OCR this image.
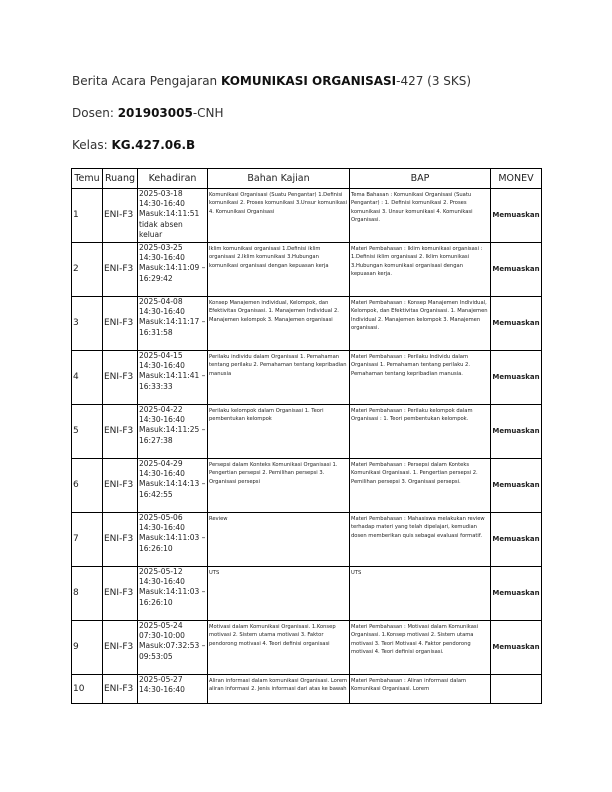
Berita Acara Pengajaran KOMUNIKASI ORGANISASI-427 (3 SKS)
Dosen: 201903005-CNH
Kelas: KG.427.06.B
Temu	Ruang	Kehadiran	Bahan Kajian	BAP	MONEV
1	ENI-F3	2025-03-18 14:30-16:40 Masuk:14:11:51 tidak absen keluar	Komunikasi Organisasi (Suatu Pengantar) 1.Definisi komunikasi 2. Proses komunikasi 3.Unsur komunikasi 4. Komunikasi Organisasi	Tema Bahasan : Komunikasi Organisasi (Suatu Pengantar) : 1. Definisi komunikasi 2. Proses komunikasi 3. Unsur komunikasi 4. Komunikasi Organisasi.	Memuaskan
2	ENI-F3	2025-03-25 14:30-16:40 Masuk:14:11:09 – 16:29:42	Iklim komunikasi organisasi 1.Definisi iklim organisasi 2.Iklim komunikasi 3.Hubungan komunikasi organisasi dengan kepuasan kerja	Materi Pembahasan : Iklim komunikasi organisasi : 1.Definisi iklim organisasi 2. Iklim komunikasi 3.Hubungan komunikasi organisasi dengan kepuasan kerja.	Memuaskan
3	ENI-F3	2025-04-08 14:30-16:40 Masuk:14:11:17 – 16:31:58	Konsep Manajemen individual, Kelompok, dan Efektivitas Organisasi. 1. Manajemen Individual 2. Manajemen kelompok 3. Manajemen organisasi	Materi Pembahasan : Konsep Manajemen Individual, Kelompok, dan Efektivitas Organisasi. 1. Manajemen Individual 2. Manajemen kelompok 3. Manajemen organisasi.	Memuaskan
4	ENI-F3	2025-04-15 14:30-16:40 Masuk:14:11:41 – 16:33:33	Perilaku individu dalam Organisasi 1. Pemahaman tentang perilaku 2. Pemahaman tentang kepribadian manusia	Materi Pembahasan : Perilaku Individu dalam Organisasi 1. Pemahaman tentang perilaku 2. Pemahaman tentang kepribadian manusia.	Memuaskan
5	ENI-F3	2025-04-22 14:30-16:40 Masuk:14:11:25 – 16:27:38	Perilaku kelompok dalam Organisasi 1. Teori pembentukan kelompok	Materi Pembahasan : Perilaku kelompok dalam Organisasi : 1. Teori pembentukan kelompok.	Memuaskan
6	ENI-F3	2025-04-29 14:30-16:40 Masuk:14:14:13 – 16:42:55	Persepsi dalam Konteks Komunikasi Organisasi 1. Pengertian persepsi 2. Pemilihan persepsi 3. Organisasi persepsi	Materi Pembahasan : Persepsi dalam Konteks Komunikasi Organisasi. 1. Pengertian persepsi 2. Pemilihan persepsi 3. Organisasi persepsi.	Memuaskan
7	ENI-F3	2025-05-06 14:30-16:40 Masuk:14:11:03 – 16:26:10	Review	Materi Pembahasan : Mahasiswa melakukan review terhadap materi yang telah dipelajari, kemudian dosen memberikan quis sebagai evaluasi formatif.	Memuaskan
8	ENI-F3	2025-05-12 14:30-16:40 Masuk:14:11:03 – 16:26:10	UTS	UTS	Memuaskan
9	ENI-F3	2025-05-24 07:30-10:00 Masuk:07:32:53 – 09:53:05	Motivasi dalam Komunikasi Organisasi. 1.Konsep motivasi 2. Sistem utama motivasi 3. Faktor pendorong motivasi 4. Teori definisi organisasi	Materi Pembahasan : Motivasi dalam Komunikasi Organisasi. 1.Konsep motivasi 2. Sistem utama motivasi 3. Teori Motivasi 4. Faktor pendorong motivasi 4. Teori definisi organisasi.	Memuaskan
10	ENI-F3	2025-05-27 14:30-16:40	Aliran informasi dalam komunikasi Organisasi. Lorem aliran informasi 2. Jenis informasi dari atas ke bawah	Materi Pembahasan : Aliran informasi dalam Komunikasi Organisasi. Lorem	
